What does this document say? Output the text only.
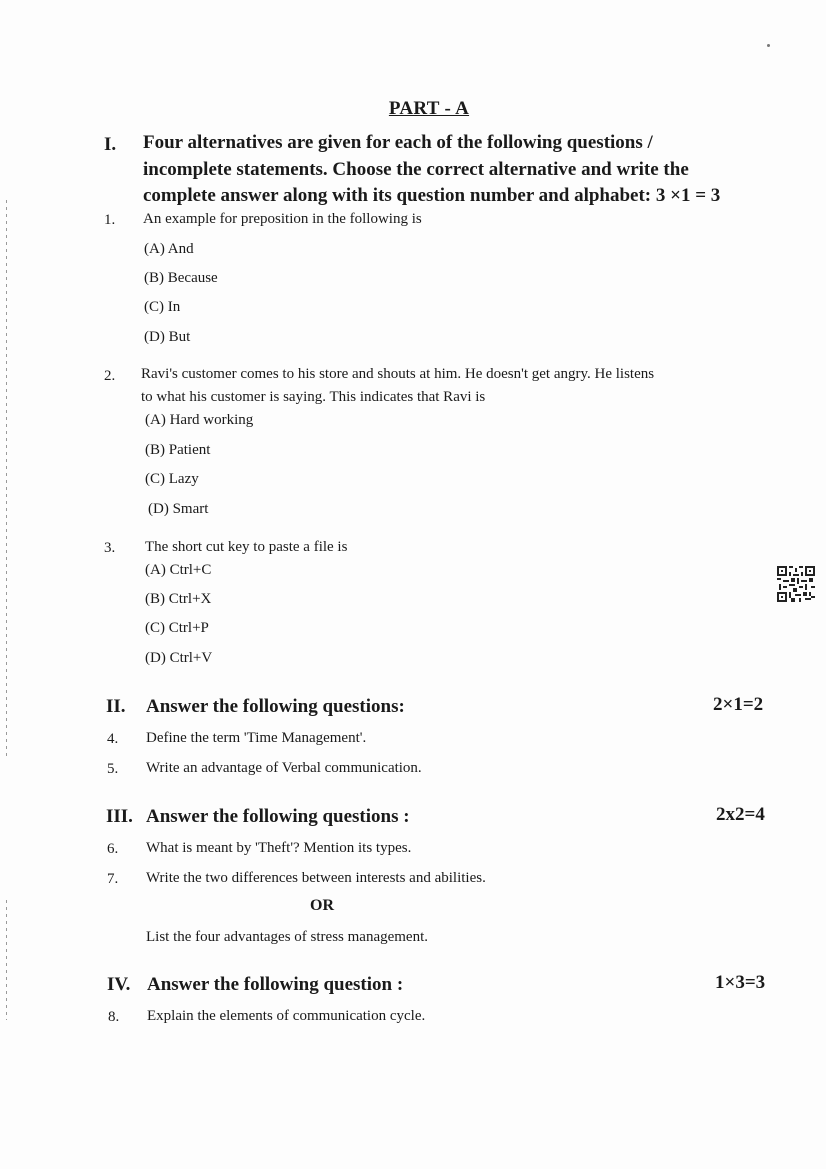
PART - A
I. Four alternatives are given for each of the following questions /
incomplete statements. Choose the correct alternative and write the
complete answer along with its question number and alphabet: 3 ×1 = 3
1. An example for preposition in the following is
(A) And
(B) Because
(C) In
(D) But
2. Ravi's customer comes to his store and shouts at him. He doesn't get angry. He listens
to what his customer is saying. This indicates that Ravi is
(A) Hard working
(B) Patient
(C) Lazy
(D) Smart
3. The short cut key to paste a file is
(A) Ctrl+C
(B) Ctrl+X
(C) Ctrl+P
(D) Ctrl+V
II. Answer the following questions:	2×1=2
4. Define the term 'Time Management'.
5. Write an advantage of Verbal communication.
III. Answer the following questions :	2x2=4
6. What is meant by 'Theft'? Mention its types.
7. Write the two differences between interests and abilities.
OR
List the four advantages of stress management.
IV. Answer the following question :	1×3=3
8. Explain the elements of communication cycle.
